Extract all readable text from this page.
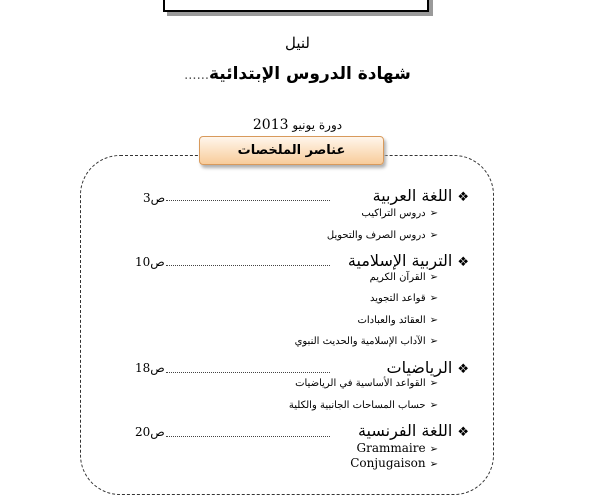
لنيل
......شهادة الدروس الإبتدائية
دورة يونيو 2013
عناصر الملخصات
❖اللغة العربية
ص3
➢دروس التراكيب
➢دروس الصرف والتحويل
❖التربية الإسلامية
ص10
➢القرآن الكريم
➢قواعد التجويد
➢العقائد والعبادات
➢الآداب الإسلامية والحديث النبوي
❖الرياضيات
ص18
➢القواعد الأساسية في الرياضيات
➢حساب المساحات الجانبية والكلية
❖اللغة الفرنسية
ص20
➢Grammaire
➢Conjugaison
